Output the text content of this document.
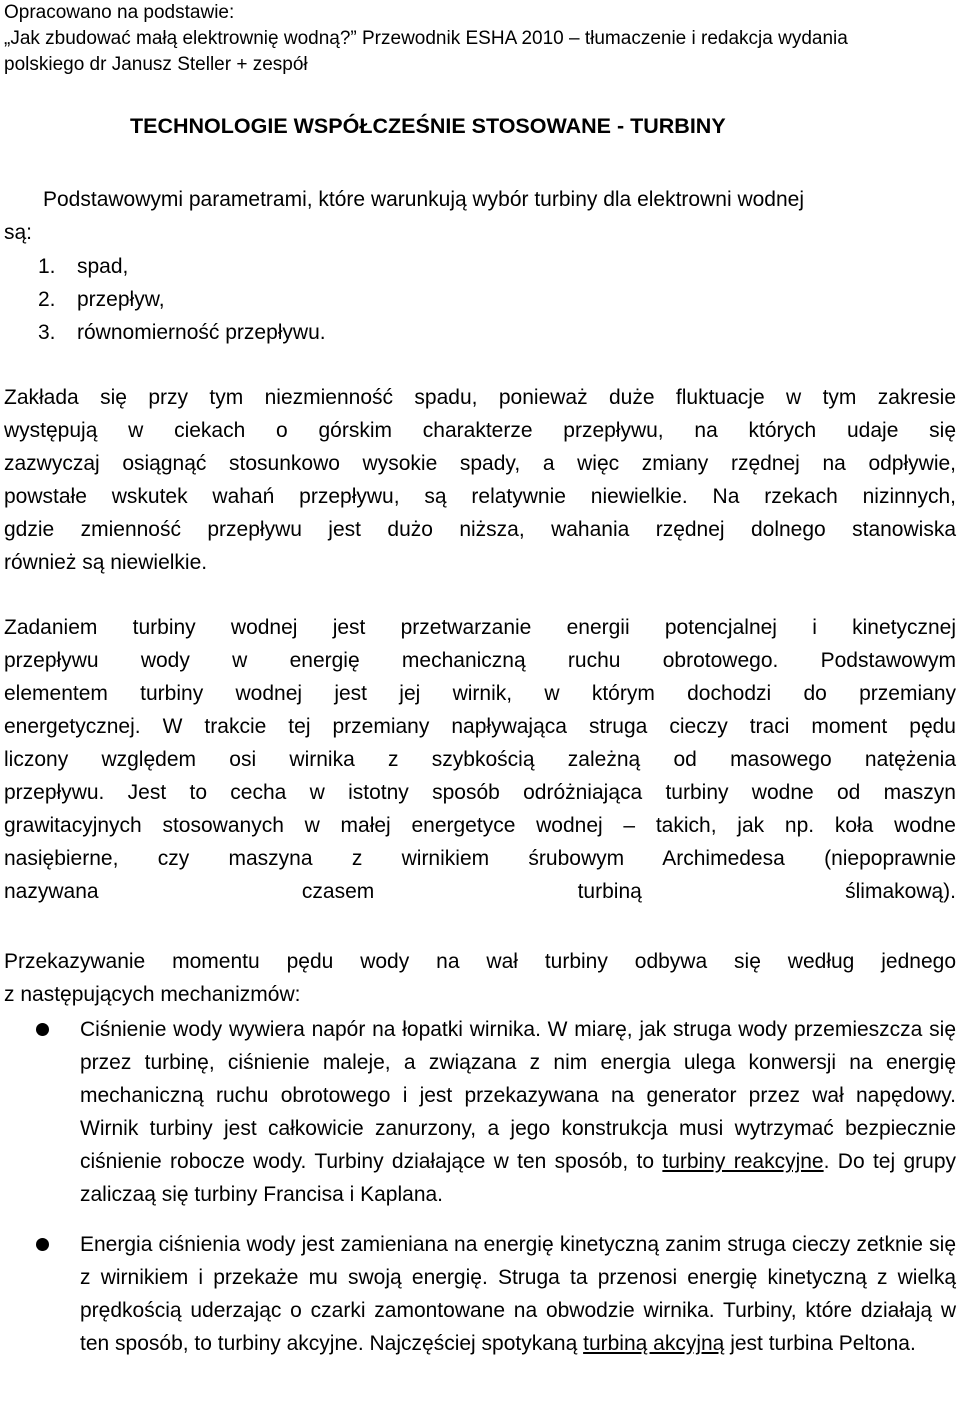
Opracowano na podstawie:
„Jak zbudować małą elektrownię wodną?” Przewodnik ESHA 2010 – tłumaczenie i redakcja wydania
polskiego dr Janusz Steller + zespół
TECHNOLOGIE WSPÓŁCZEŚNIE STOSOWANE - TURBINY
Podstawowymi parametrami, które warunkują wybór turbiny dla elektrowni wodnej
są:
1. spad,
2. przepływ,
3. równomierność przepływu.

Zakłada się przy tym niezmienność spadu, ponieważ duże fluktuacje w tym zakresie
występują w ciekach o górskim charakterze przepływu, na których udaje się
zazwyczaj osiągnąć stosunkowo wysokie spady, a więc zmiany rzędnej na odpływie,
powstałe wskutek wahań przepływu, są relatywnie niewielkie. Na rzekach nizinnych,
gdzie zmienność przepływu jest dużo niższa, wahania rzędnej dolnego stanowiska
również są niewielkie.

Zadaniem turbiny wodnej jest przetwarzanie energii potencjalnej i kinetycznej
przepływu wody w energię mechaniczną ruchu obrotowego. Podstawowym
elementem turbiny wodnej jest jej wirnik, w którym dochodzi do przemiany
energetycznej. W trakcie tej przemiany napływająca struga cieczy traci moment pędu
liczony względem osi wirnika z szybkością zależną od masowego natężenia
przepływu. Jest to cecha w istotny sposób odróżniająca turbiny wodne od maszyn
grawitacyjnych stosowanych w małej energetyce wodnej – takich, jak np. koła wodne
nasiębierne, czy maszyna z wirnikiem śrubowym Archimedesa (niepoprawnie
nazywana czasem turbiną ślimakową).

Przekazywanie momentu pędu wody na wał turbiny odbywa się według jednego
z następujących mechanizmów:

Ciśnienie wody wywiera napór na łopatki wirnika. W miarę, jak struga wody przemieszcza się przez turbinę, ciśnienie maleje, a związana z nim energia ulega konwersji na energię mechaniczną ruchu obrotowego i jest przekazywana na generator przez wał napędowy. Wirnik turbiny jest całkowicie zanurzony, a jego konstrukcja musi wytrzymać bezpiecznie ciśnienie robocze wody. Turbiny działające w ten sposób, to turbiny reakcyjne. Do tej grupy zaliczaą się turbiny Francisa i Kaplana.
Energia ciśnienia wody jest zamieniana na energię kinetyczną zanim struga cieczy zetknie się z wirnikiem i przekaże mu swoją energię. Struga ta przenosi energię kinetyczną z wielką prędkością uderzając o czarki zamontowane na obwodzie wirnika. Turbiny, które działają w ten sposób, to turbiny akcyjne. Najczęściej spotykaną turbiną akcyjną jest turbina Peltona.
